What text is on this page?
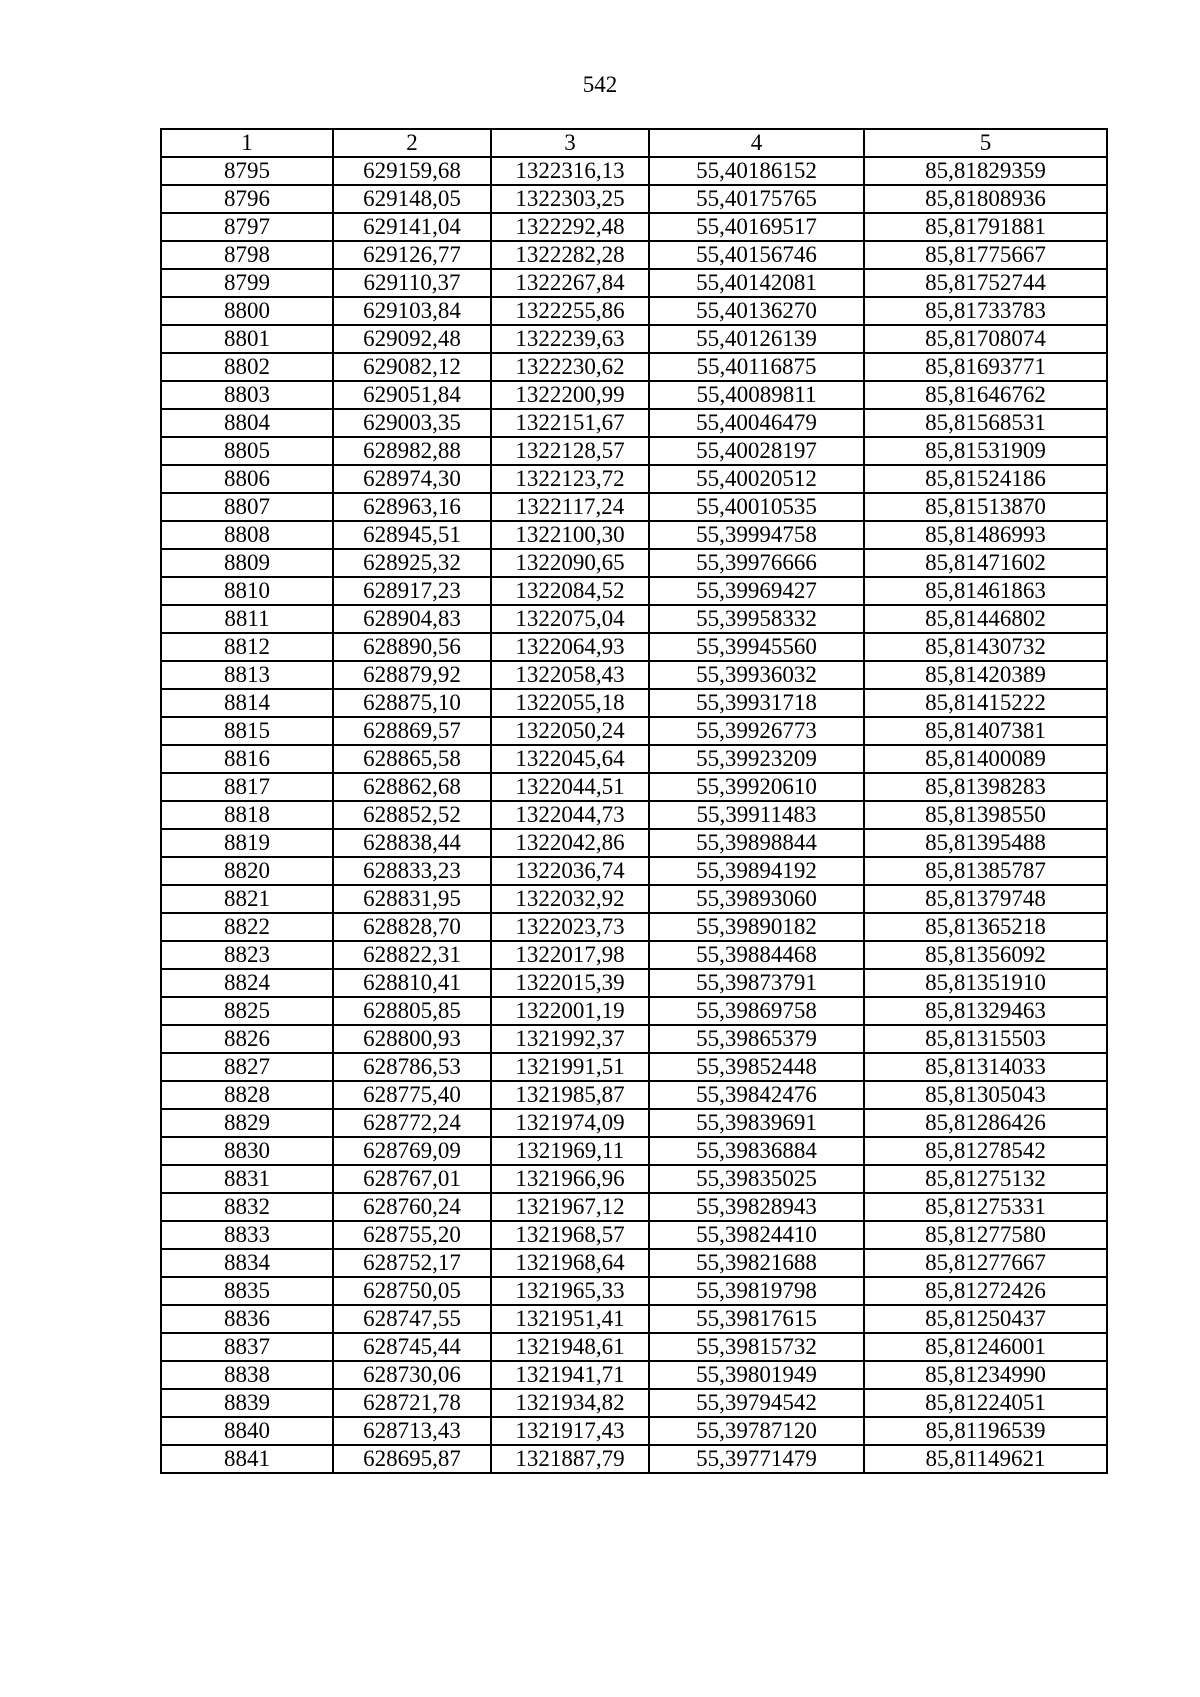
542
1	2	3	4	5
8795	629159,68	1322316,13	55,40186152	85,81829359
8796	629148,05	1322303,25	55,40175765	85,81808936
8797	629141,04	1322292,48	55,40169517	85,81791881
8798	629126,77	1322282,28	55,40156746	85,81775667
8799	629110,37	1322267,84	55,40142081	85,81752744
8800	629103,84	1322255,86	55,40136270	85,81733783
8801	629092,48	1322239,63	55,40126139	85,81708074
8802	629082,12	1322230,62	55,40116875	85,81693771
8803	629051,84	1322200,99	55,40089811	85,81646762
8804	629003,35	1322151,67	55,40046479	85,81568531
8805	628982,88	1322128,57	55,40028197	85,81531909
8806	628974,30	1322123,72	55,40020512	85,81524186
8807	628963,16	1322117,24	55,40010535	85,81513870
8808	628945,51	1322100,30	55,39994758	85,81486993
8809	628925,32	1322090,65	55,39976666	85,81471602
8810	628917,23	1322084,52	55,39969427	85,81461863
8811	628904,83	1322075,04	55,39958332	85,81446802
8812	628890,56	1322064,93	55,39945560	85,81430732
8813	628879,92	1322058,43	55,39936032	85,81420389
8814	628875,10	1322055,18	55,39931718	85,81415222
8815	628869,57	1322050,24	55,39926773	85,81407381
8816	628865,58	1322045,64	55,39923209	85,81400089
8817	628862,68	1322044,51	55,39920610	85,81398283
8818	628852,52	1322044,73	55,39911483	85,81398550
8819	628838,44	1322042,86	55,39898844	85,81395488
8820	628833,23	1322036,74	55,39894192	85,81385787
8821	628831,95	1322032,92	55,39893060	85,81379748
8822	628828,70	1322023,73	55,39890182	85,81365218
8823	628822,31	1322017,98	55,39884468	85,81356092
8824	628810,41	1322015,39	55,39873791	85,81351910
8825	628805,85	1322001,19	55,39869758	85,81329463
8826	628800,93	1321992,37	55,39865379	85,81315503
8827	628786,53	1321991,51	55,39852448	85,81314033
8828	628775,40	1321985,87	55,39842476	85,81305043
8829	628772,24	1321974,09	55,39839691	85,81286426
8830	628769,09	1321969,11	55,39836884	85,81278542
8831	628767,01	1321966,96	55,39835025	85,81275132
8832	628760,24	1321967,12	55,39828943	85,81275331
8833	628755,20	1321968,57	55,39824410	85,81277580
8834	628752,17	1321968,64	55,39821688	85,81277667
8835	628750,05	1321965,33	55,39819798	85,81272426
8836	628747,55	1321951,41	55,39817615	85,81250437
8837	628745,44	1321948,61	55,39815732	85,81246001
8838	628730,06	1321941,71	55,39801949	85,81234990
8839	628721,78	1321934,82	55,39794542	85,81224051
8840	628713,43	1321917,43	55,39787120	85,81196539
8841	628695,87	1321887,79	55,39771479	85,81149621
